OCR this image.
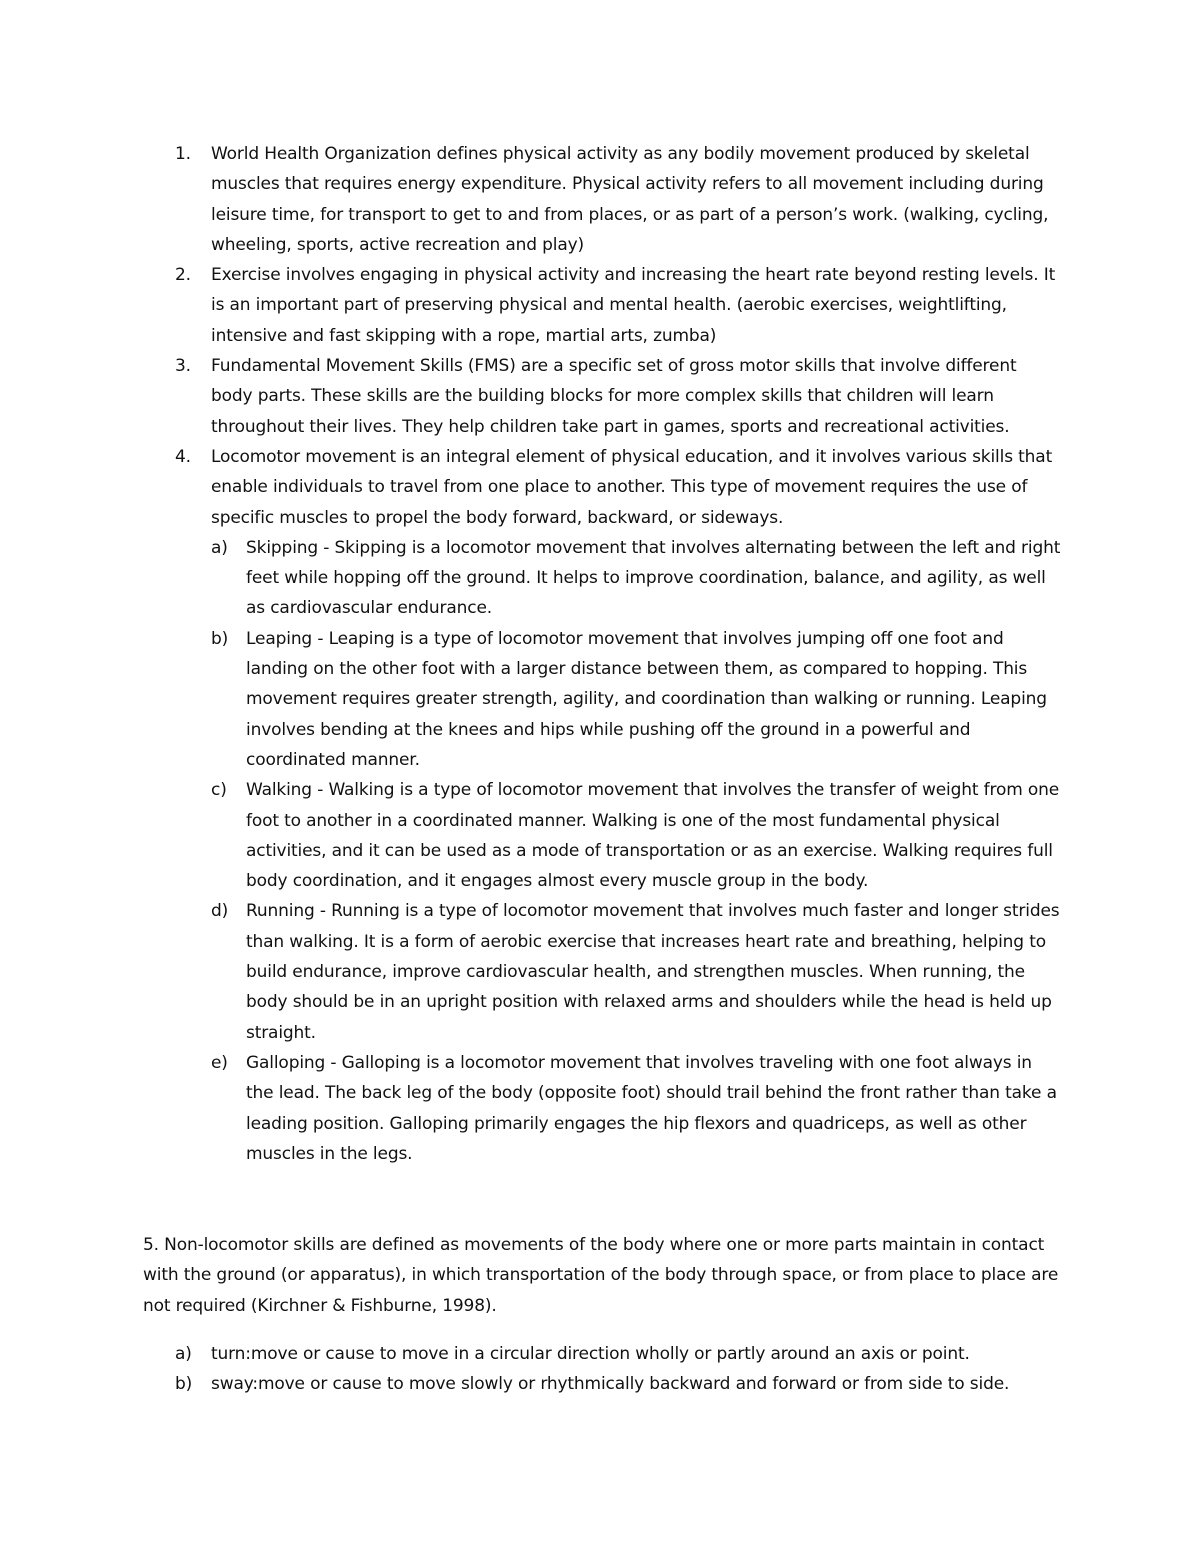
1. World Health Organization defines physical activity as any bodily movement produced by skeletal muscles that requires energy expenditure. Physical activity refers to all movement including during leisure time, for transport to get to and from places, or as part of a person’s work. (walking, cycling, wheeling, sports, active recreation and play)
2. Exercise involves engaging in physical activity and increasing the heart rate beyond resting levels. It is an important part of preserving physical and mental health. (aerobic exercises, weightlifting, intensive and fast skipping with a rope, martial arts, zumba)
3. Fundamental Movement Skills (FMS) are a specific set of gross motor skills that involve different body parts. These skills are the building blocks for more complex skills that children will learn throughout their lives. They help children take part in games, sports and recreational activities.
4. Locomotor movement is an integral element of physical education, and it involves various skills that enable individuals to travel from one place to another. This type of movement requires the use of specific muscles to propel the body forward, backward, or sideways.
a) Skipping - Skipping is a locomotor movement that involves alternating between the left and right feet while hopping off the ground. It helps to improve coordination, balance, and agility, as well as cardiovascular endurance.
b) Leaping - Leaping is a type of locomotor movement that involves jumping off one foot and landing on the other foot with a larger distance between them, as compared to hopping. This movement requires greater strength, agility, and coordination than walking or running. Leaping involves bending at the knees and hips while pushing off the ground in a powerful and coordinated manner.
c) Walking - Walking is a type of locomotor movement that involves the transfer of weight from one foot to another in a coordinated manner. Walking is one of the most fundamental physical activities, and it can be used as a mode of transportation or as an exercise. Walking requires full body coordination, and it engages almost every muscle group in the body.
d) Running - Running is a type of locomotor movement that involves much faster and longer strides than walking. It is a form of aerobic exercise that increases heart rate and breathing, helping to build endurance, improve cardiovascular health, and strengthen muscles. When running, the body should be in an upright position with relaxed arms and shoulders while the head is held up straight.
e) Galloping - Galloping is a locomotor movement that involves traveling with one foot always in the lead. The back leg of the body (opposite foot) should trail behind the front rather than take a leading position. Galloping primarily engages the hip flexors and quadriceps, as well as other muscles in the legs.
5. Non-locomotor skills are defined as movements of the body where one or more parts maintain in contact with the ground (or apparatus), in which transportation of the body through space, or from place to place are not required (Kirchner & Fishburne, 1998).
a) turn:move or cause to move in a circular direction wholly or partly around an axis or point.
b) sway:move or cause to move slowly or rhythmically backward and forward or from side to side.
